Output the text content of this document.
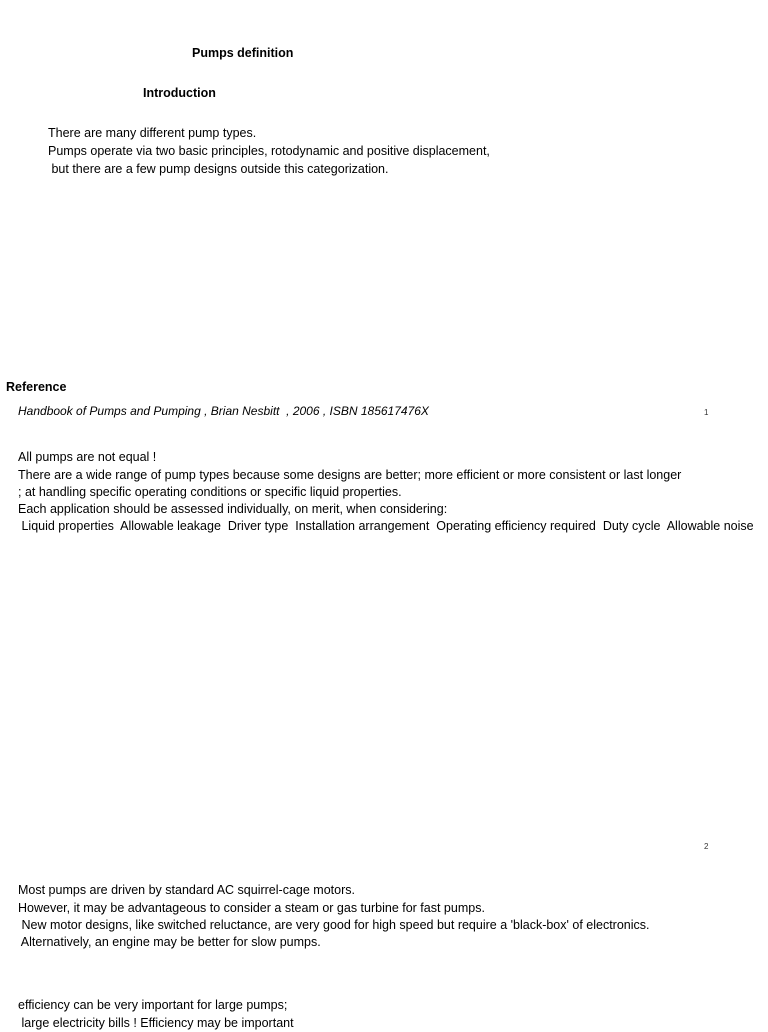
Pumps definition
Introduction
There are many different pump types.
Pumps operate via two basic principles, rotodynamic and positive displacement,
but there are a few pump designs outside this categorization.
Reference
Handbook of Pumps and Pumping , Brian Nesbitt  , 2006 , ISBN 185617476X	1
All pumps are not equal !
There are a wide range of pump types because some designs are better; more efficient or more consistent or last longer
; at handling specific operating conditions or specific liquid properties.
Each application should be assessed individually, on merit, when considering:
Liquid properties  Allowable leakage  Driver type  Installation arrangement  Operating efficiency required  Duty cycle  Allowable noise
2
Most pumps are driven by standard AC squirrel-cage motors.
However, it may be advantageous to consider a steam or gas turbine for fast pumps.
New motor designs, like switched reluctance, are very good for high speed but require a 'black-box' of electronics.
Alternatively, an engine may be better for slow pumps.
efficiency can be very important for large pumps;
large electricity bills ! Efficiency may be important
